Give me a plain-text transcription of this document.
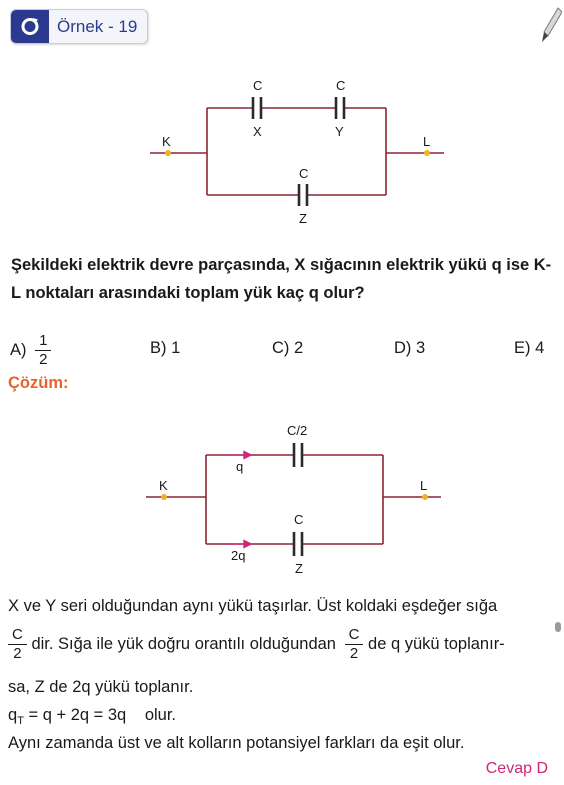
Örnek - 19
K	L
C
X
C
Y
C
Z
Şekildeki elektrik devre parçasında, X sığacının elektrik yükü q ise K-L noktaları arasındaki toplam yük kaç q olur?
$A) \frac{1}{2}$	B) 1	C) 2	D) 3	E) 4
Çözüm:
K	L
C/2
q
C
2q
Z
X ve Y seri olduğundan aynı yükü taşırlar. Üst koldaki eşdeğer sığa
$\frac{C}{2}$ dir. Sığa ile yük doğru orantılı olduğundan $\frac{C}{2}$ de q yükü toplanır-
sa, Z de 2q yükü toplanır.
$q_T = q + 2q = 3q$ olur.
Aynı zamanda üst ve alt kolların potansiyel farkları da eşit olur.
Cevap D
